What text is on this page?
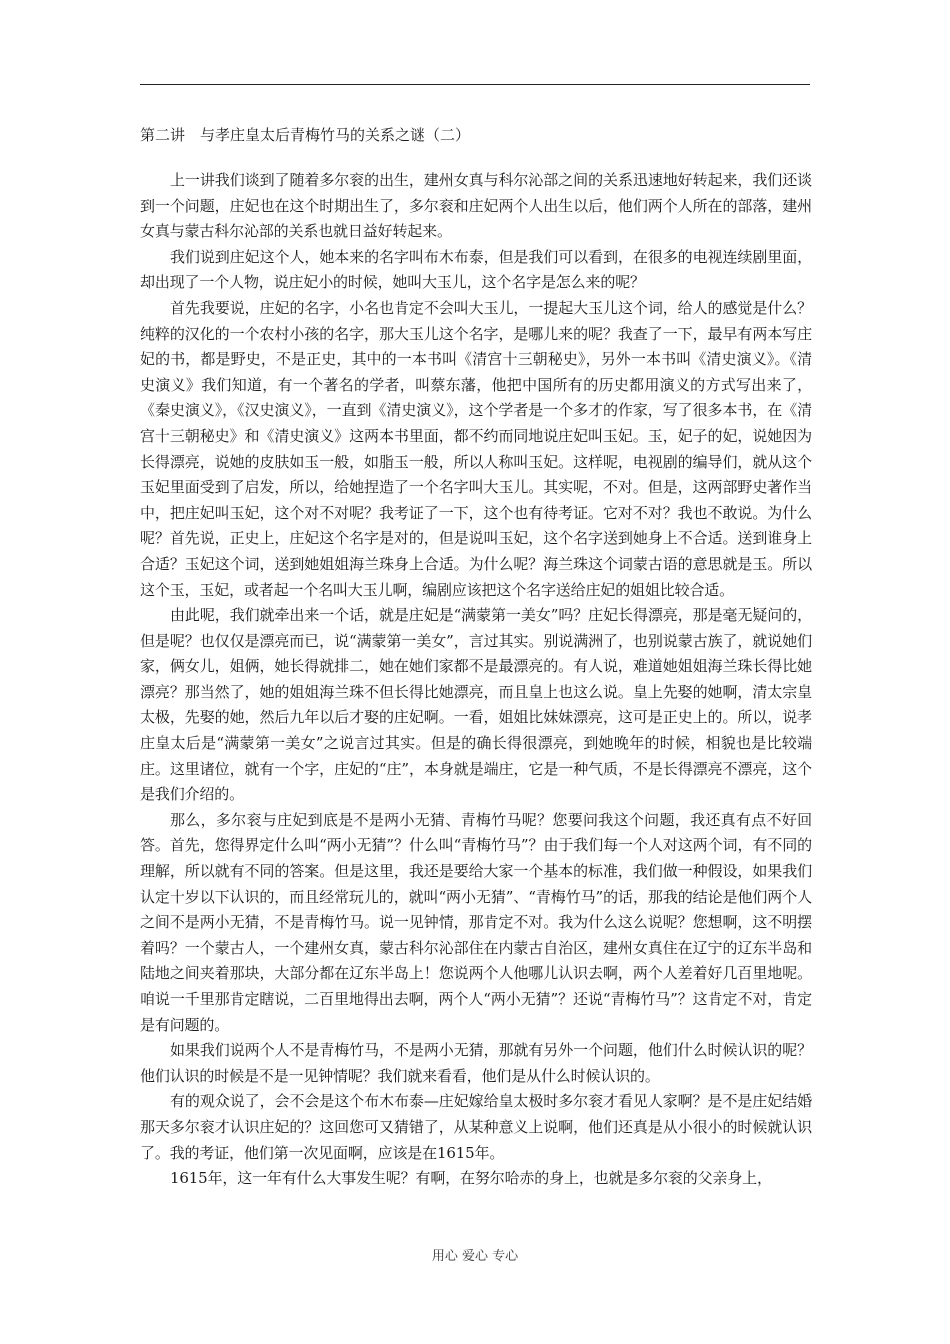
第二讲　与孝庄皇太后青梅竹马的关系之谜（二）

上一讲我们谈到了随着多尔衮的出生，建州女真与科尔沁部之间的关系迅速地好转起来，我们还谈到一个问题，庄妃也在这个时期出生了，多尔衮和庄妃两个人出生以后，他们两个人所在的部落，建州女真与蒙古科尔沁部的关系也就日益好转起来。

我们说到庄妃这个人，她本来的名字叫布木布泰，但是我们可以看到，在很多的电视连续剧里面，却出现了一个人物，说庄妃小的时候，她叫大玉儿，这个名字是怎么来的呢？

首先我要说，庄妃的名字，小名也肯定不会叫大玉儿，一提起大玉儿这个词，给人的感觉是什么？纯粹的汉化的一个农村小孩的名字，那大玉儿这个名字，是哪儿来的呢？我查了一下，最早有两本写庄妃的书，都是野史，不是正史，其中的一本书叫《清宫十三朝秘史》，另外一本书叫《清史演义》。《清史演义》我们知道，有一个著名的学者，叫蔡东藩，他把中国所有的历史都用演义的方式写出来了，《秦史演义》，《汉史演义》，一直到《清史演义》，这个学者是一个多才的作家，写了很多本书，在《清宫十三朝秘史》和《清史演义》这两本书里面，都不约而同地说庄妃叫玉妃。玉，妃子的妃，说她因为长得漂亮，说她的皮肤如玉一般，如脂玉一般，所以人称叫玉妃。这样呢，电视剧的编导们，就从这个玉妃里面受到了启发，所以，给她捏造了一个名字叫大玉儿。其实呢，不对。但是，这两部野史著作当中，把庄妃叫玉妃，这个对不对呢？我考证了一下，这个也有待考证。它对不对？我也不敢说。为什么呢？首先说，正史上，庄妃这个名字是对的，但是说叫玉妃，这个名字送到她身上不合适。送到谁身上合适？玉妃这个词，送到她姐姐海兰珠身上合适。为什么呢？海兰珠这个词蒙古语的意思就是玉。所以这个玉，玉妃，或者起一个名叫大玉儿啊，编剧应该把这个名字送给庄妃的姐姐比较合适。

由此呢，我们就牵出来一个话，就是庄妃是“满蒙第一美女”吗？庄妃长得漂亮，那是毫无疑问的，但是呢？也仅仅是漂亮而已，说“满蒙第一美女”，言过其实。别说满洲了，也别说蒙古族了，就说她们家，俩女儿，姐俩，她长得就排二，她在她们家都不是最漂亮的。有人说，难道她姐姐海兰珠长得比她漂亮？那当然了，她的姐姐海兰珠不但长得比她漂亮，而且皇上也这么说。皇上先娶的她啊，清太宗皇太极，先娶的她，然后九年以后才娶的庄妃啊。一看，姐姐比妹妹漂亮，这可是正史上的。所以，说孝庄皇太后是“满蒙第一美女”之说言过其实。但是的确长得很漂亮，到她晚年的时候，相貌也是比较端庄。这里诸位，就有一个字，庄妃的“庄”，本身就是端庄，它是一种气质，不是长得漂亮不漂亮，这个是我们介绍的。

那么，多尔衮与庄妃到底是不是两小无猜、青梅竹马呢？您要问我这个问题，我还真有点不好回答。首先，您得界定什么叫“两小无猜”？什么叫“青梅竹马”？由于我们每一个人对这两个词，有不同的理解，所以就有不同的答案。但是这里，我还是要给大家一个基本的标准，我们做一种假设，如果我们认定十岁以下认识的，而且经常玩儿的，就叫“两小无猜”、“青梅竹马”的话，那我的结论是他们两个人之间不是两小无猜，不是青梅竹马。说一见钟情，那肯定不对。我为什么这么说呢？您想啊，这不明摆着吗？一个蒙古人，一个建州女真，蒙古科尔沁部住在内蒙古自治区，建州女真住在辽宁的辽东半岛和陆地之间夹着那块，大部分都在辽东半岛上！您说两个人他哪儿认识去啊，两个人差着好几百里地呢。咱说一千里那肯定瞎说，二百里地得出去啊，两个人“两小无猜”？还说“青梅竹马”？这肯定不对，肯定是有问题的。

如果我们说两个人不是青梅竹马，不是两小无猜，那就有另外一个问题，他们什么时候认识的呢？他们认识的时候是不是一见钟情呢？我们就来看看，他们是从什么时候认识的。

有的观众说了，会不会是这个布木布泰—庄妃嫁给皇太极时多尔衮才看见人家啊？是不是庄妃结婚那天多尔衮才认识庄妃的？这回您可又猜错了，从某种意义上说啊，他们还真是从小很小的时候就认识了。我的考证，他们第一次见面啊，应该是在1615年。

1615年，这一年有什么大事发生呢？有啊，在努尔哈赤的身上，也就是多尔衮的父亲身上，

用心 爱心 专心
